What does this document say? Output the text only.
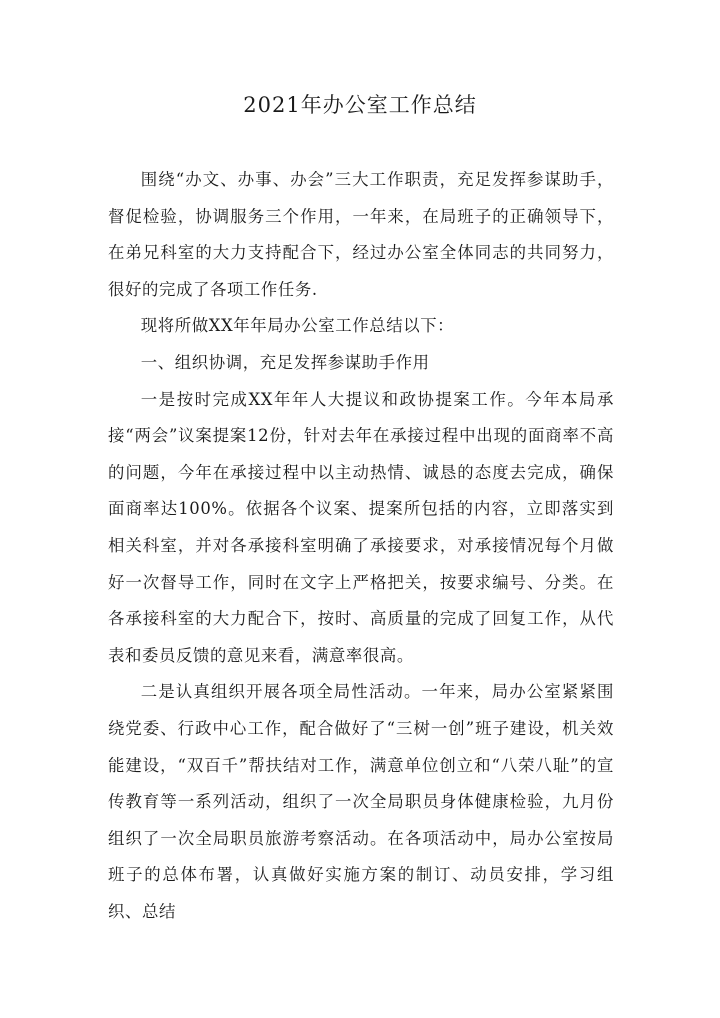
2021年办公室工作总结

围绕“办文、办事、办会”三大工作职责，充足发挥参谋助手，督促检验，协调服务三个作用，一年来，在局班子的正确领导下，在弟兄科室的大力支持配合下，经过办公室全体同志的共同努力，很好的完成了各项工作任务.

现将所做XX年年局办公室工作总结以下：

一、组织协调，充足发挥参谋助手作用

一是按时完成XX年年人大提议和政协提案工作。今年本局承接“两会”议案提案12份，针对去年在承接过程中出现的面商率不高的问题，今年在承接过程中以主动热情、诚恳的态度去完成，确保面商率达100%。依据各个议案、提案所包括的内容，立即落实到相关科室，并对各承接科室明确了承接要求，对承接情况每个月做好一次督导工作，同时在文字上严格把关，按要求编号、分类。在各承接科室的大力配合下，按时、高质量的完成了回复工作，从代表和委员反馈的意见来看，满意率很高。

二是认真组织开展各项全局性活动。一年来，局办公室紧紧围绕党委、行政中心工作，配合做好了“三树一创”班子建设，机关效能建设，“双百千”帮扶结对工作，满意单位创立和“八荣八耻”的宣传教育等一系列活动，组织了一次全局职员身体健康检验，九月份组织了一次全局职员旅游考察活动。在各项活动中，局办公室按局班子的总体布署，认真做好实施方案的制订、动员安排，学习组织、总结
